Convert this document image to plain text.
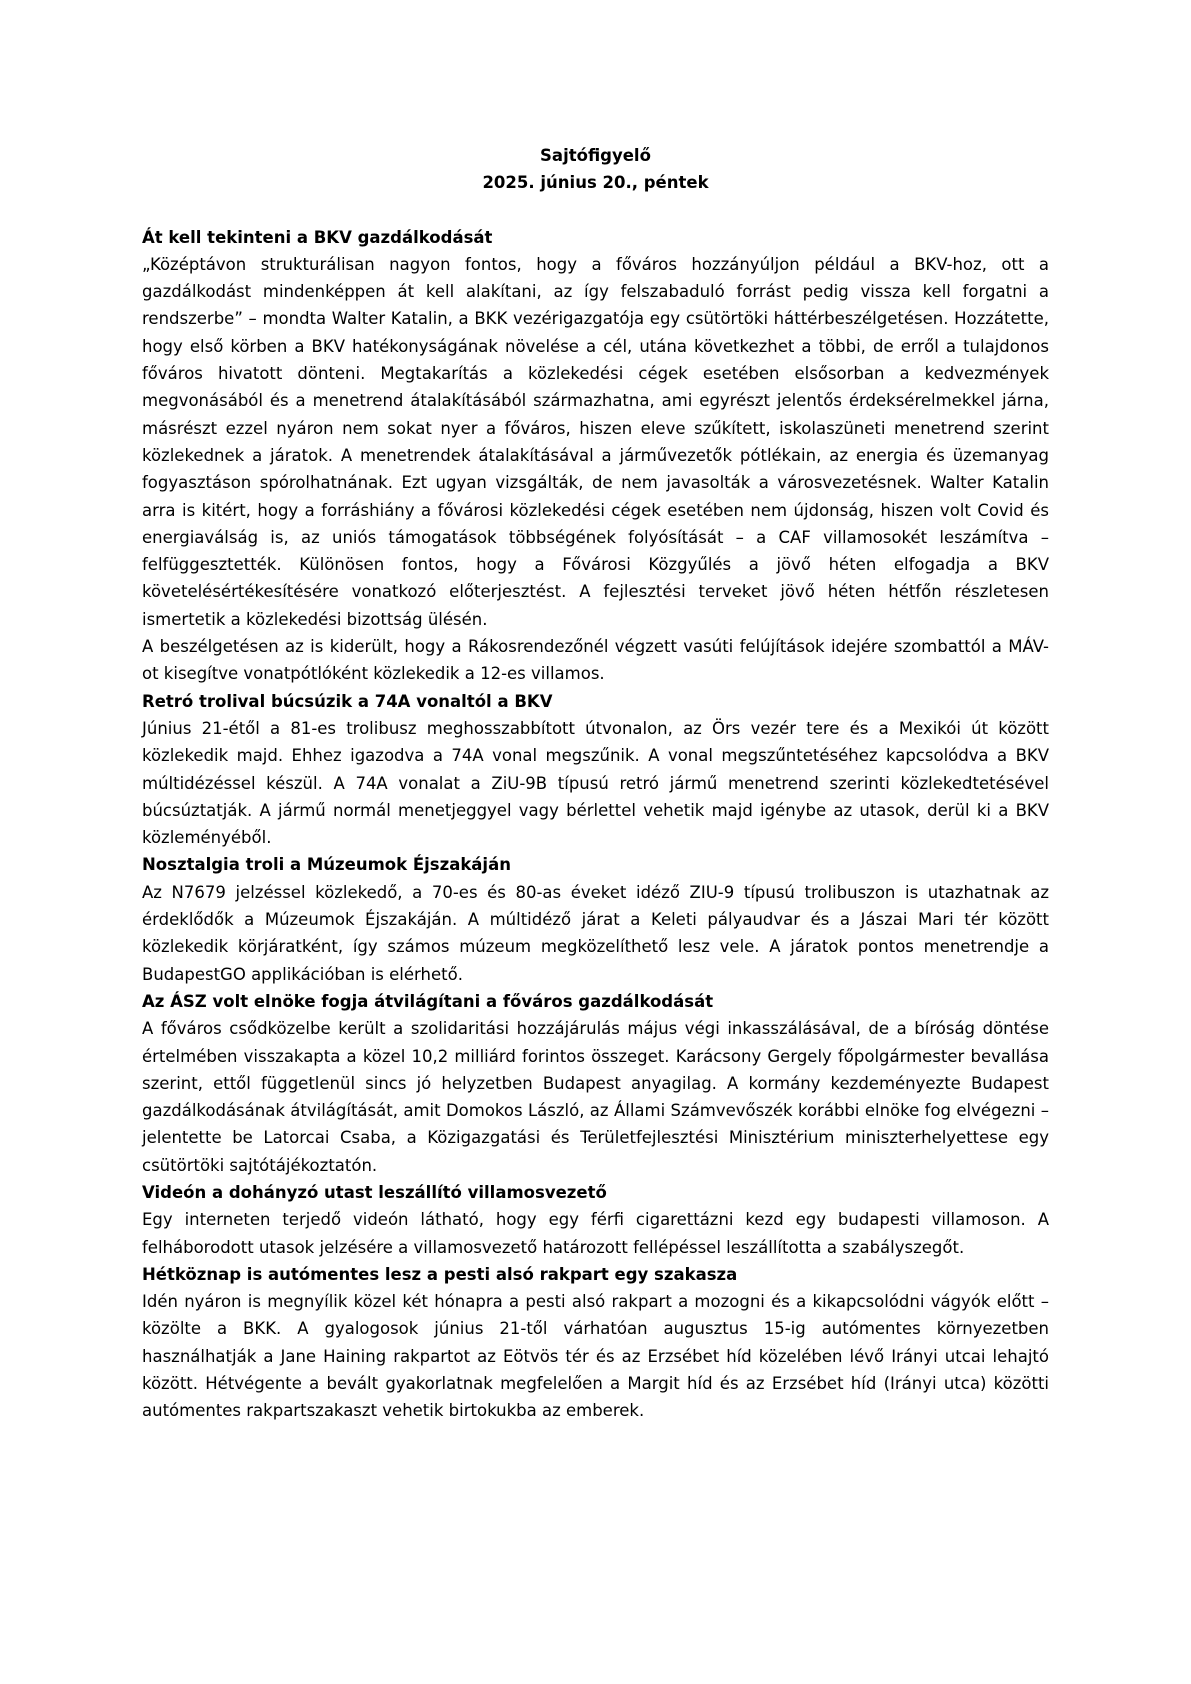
Sajtófigyelő

2025. június 20., péntek

Át kell tekinteni a BKV gazdálkodását

„Középtávon strukturálisan nagyon fontos, hogy a főváros hozzányúljon például a BKV-hoz, ott a gazdálkodást mindenképpen át kell alakítani, az így felszabaduló forrást pedig vissza kell forgatni a rendszerbe” – mondta Walter Katalin, a BKK vezérigazgatója egy csütörtöki háttérbeszélgetésen. Hozzátette, hogy első körben a BKV hatékonyságának növelése a cél, utána következhet a többi, de erről a tulajdonos főváros hivatott dönteni. Megtakarítás a közlekedési cégek esetében elsősorban a kedvezmények megvonásából és a menetrend átalakításából származhatna, ami egyrészt jelentős érdeksérelmekkel járna, másrészt ezzel nyáron nem sokat nyer a főváros, hiszen eleve szűkített, iskolaszüneti menetrend szerint közlekednek a járatok. A menetrendek átalakításával a járművezetők pótlékain, az energia és üzemanyag fogyasztáson spórolhatnának. Ezt ugyan vizsgálták, de nem javasolták a városvezetésnek. Walter Katalin arra is kitért, hogy a forráshiány a fővárosi közlekedési cégek esetében nem újdonság, hiszen volt Covid és energiaválság is, az uniós támogatások többségének folyósítását – a CAF villamosokét leszámítva – felfüggesztették. Különösen fontos, hogy a Fővárosi Közgyűlés a jövő héten elfogadja a BKV követelésértékesítésére vonatkozó előterjesztést. A fejlesztési terveket jövő héten hétfőn részletesen ismertetik a közlekedési bizottság ülésén.

A beszélgetésen az is kiderült, hogy a Rákosrendezőnél végzett vasúti felújítások idejére szombattól a MÁV-ot kisegítve vonatpótlóként közlekedik a 12-es villamos.

Retró trolival búcsúzik a 74A vonaltól a BKV

Június 21-étől a 81-es trolibusz meghosszabbított útvonalon, az Örs vezér tere és a Mexikói út között közlekedik majd. Ehhez igazodva a 74A vonal megszűnik. A vonal megszűntetéséhez kapcsolódva a BKV múltidézéssel készül. A 74A vonalat a ZiU-9B típusú retró jármű menetrend szerinti közlekedtetésével búcsúztatják. A jármű normál menetjeggyel vagy bérlettel vehetik majd igénybe az utasok, derül ki a BKV közleményéből.

Nosztalgia troli a Múzeumok Éjszakáján

Az N7679 jelzéssel közlekedő, a 70-es és 80-as éveket idéző ZIU-9 típusú trolibuszon is utazhatnak az érdeklődők a Múzeumok Éjszakáján. A múltidéző járat a Keleti pályaudvar és a Jászai Mari tér között közlekedik körjáratként, így számos múzeum megközelíthető lesz vele. A járatok pontos menetrendje a BudapestGO applikációban is elérhető.

Az ÁSZ volt elnöke fogja átvilágítani a főváros gazdálkodását

A főváros csődközelbe került a szolidaritási hozzájárulás május végi inkasszálásával, de a bíróság döntése értelmében visszakapta a közel 10,2 milliárd forintos összeget. Karácsony Gergely főpolgármester bevallása szerint, ettől függetlenül sincs jó helyzetben Budapest anyagilag. A kormány kezdeményezte Budapest gazdálkodásának átvilágítását, amit Domokos László, az Állami Számvevőszék korábbi elnöke fog elvégezni – jelentette be Latorcai Csaba, a Közigazgatási és Területfejlesztési Minisztérium miniszterhelyettese egy csütörtöki sajtótájékoztatón.

Videón a dohányzó utast leszállító villamosvezető

Egy interneten terjedő videón látható, hogy egy férfi cigarettázni kezd egy budapesti villamoson. A felháborodott utasok jelzésére a villamosvezető határozott fellépéssel leszállította a szabályszegőt.

Hétköznap is autómentes lesz a pesti alsó rakpart egy szakasza

Idén nyáron is megnyílik közel két hónapra a pesti alsó rakpart a mozogni és a kikapcsolódni vágyók előtt – közölte a BKK. A gyalogosok június 21-től várhatóan augusztus 15-ig autómentes környezetben használhatják a Jane Haining rakpartot az Eötvös tér és az Erzsébet híd közelében lévő Irányi utcai lehajtó között. Hétvégente a bevált gyakorlatnak megfelelően a Margit híd és az Erzsébet híd (Irányi utca) közötti autómentes rakpartszakaszt vehetik birtokukba az emberek.
